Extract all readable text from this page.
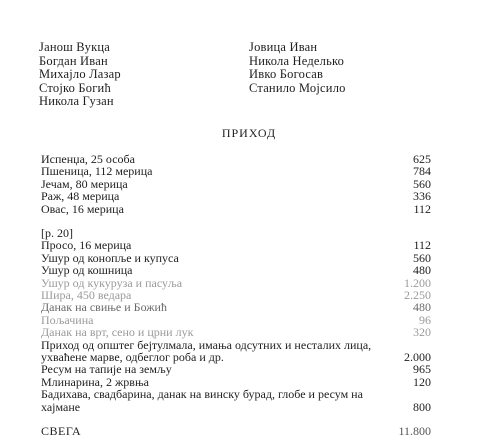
Јанош Вукца
Богдан Иван
Михајло Лазар
Стојко Богић
Никола Гузан
Јовица Иван
Никола Неделько
Ивко Богосав
Станило Мојсило
ПРИХОД
Испенџа, 25 особа	625
Пшеница, 112 мерица	784
Јечам, 80 мерица	560
Раж, 48 мерица	336
Овас, 16 мерица	112
[р. 20]
Просо, 16 мерица	112
Ушур од конопље и купуса	560
Ушур од кошница	480
Ушур од кукуруза и пасуља	1.200
Шира, 450 ведара	2.250
Данак на свиње и Божић	480
Пољачина	96
Данак на врт, сено и црни лук	320
Приход од општег бејтулмала, имања одсутних и несталих лица, ухваћене марве, одбеглог роба и др.	2.000
Ресум на тапије на земљу	965
Млинарина, 2 жрвња	120
Бадихава, свадбарина, данак на винску бурад, глобе и ресум на хајмане	800
СВЕГА	11.800
